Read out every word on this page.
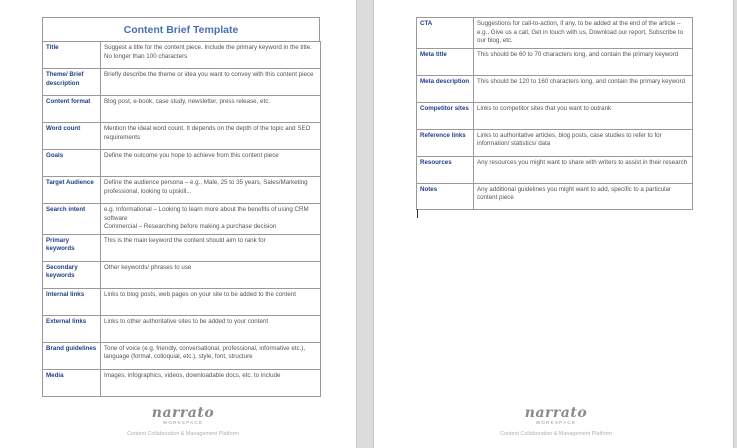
Content Brief Template
Title	Suggest a title for the content piece. Include the primary keyword in the title. No longer than 100 characters
Theme/ Brief description	Briefly describe the theme or idea you want to convey with this content piece
Content format	Blog post, e-book, case study, newsletter, press release, etc.
Word count	Mention the ideal word count. It depends on the depth of the topic and SEO requirements
Goals	Define the outcome you hope to achieve from this content piece
Target Audience	Define the audience persona – e.g., Male, 25 to 35 years, Sales/Marketing professional, looking to upskill...
Search intent	e.g. Informational – Looking to learn more about the benefits of using CRM software
Commercial – Researching before making a purchase decision
Primary keywords	This is the main keyword the content should aim to rank for
Secondary keywords	Other keywords/ phrases to use
Internal links	Links to blog posts, web pages on your site to be added to the content
External links	Links to other authoritative sites to be added to your content
Brand guidelines	Tone of voice (e.g. friendly, conversational, professional, informative etc.), language (formal, colloquial, etc.), style, font, structure
Media	Images, infographics, videos, downloadable docs, etc. to include
CTA	Suggestions for call-to-action, if any, to be added at the end of the article – e.g., Give us a call, Get in touch with us, Download our report, Subscribe to our blog, etc.
Meta title	This should be 60 to 70 characters long, and contain the primary keyword
Meta description	This should be 120 to 160 characters long, and contain the primary keyword
Competitor sites	Links to competitor sites that you want to outrank
Reference links	Links to authoritative articles, blog posts, case studies to refer to for information/ statistics/ data
Resources	Any resources you might want to share with writers to assist in their research
Notes	Any additional guidelines you might want to add, specific to a particular content piece
narrato
WORKSPACE
Content Collaboration & Management Platform
narrato
WORKSPACE
Content Collaboration & Management Platform
